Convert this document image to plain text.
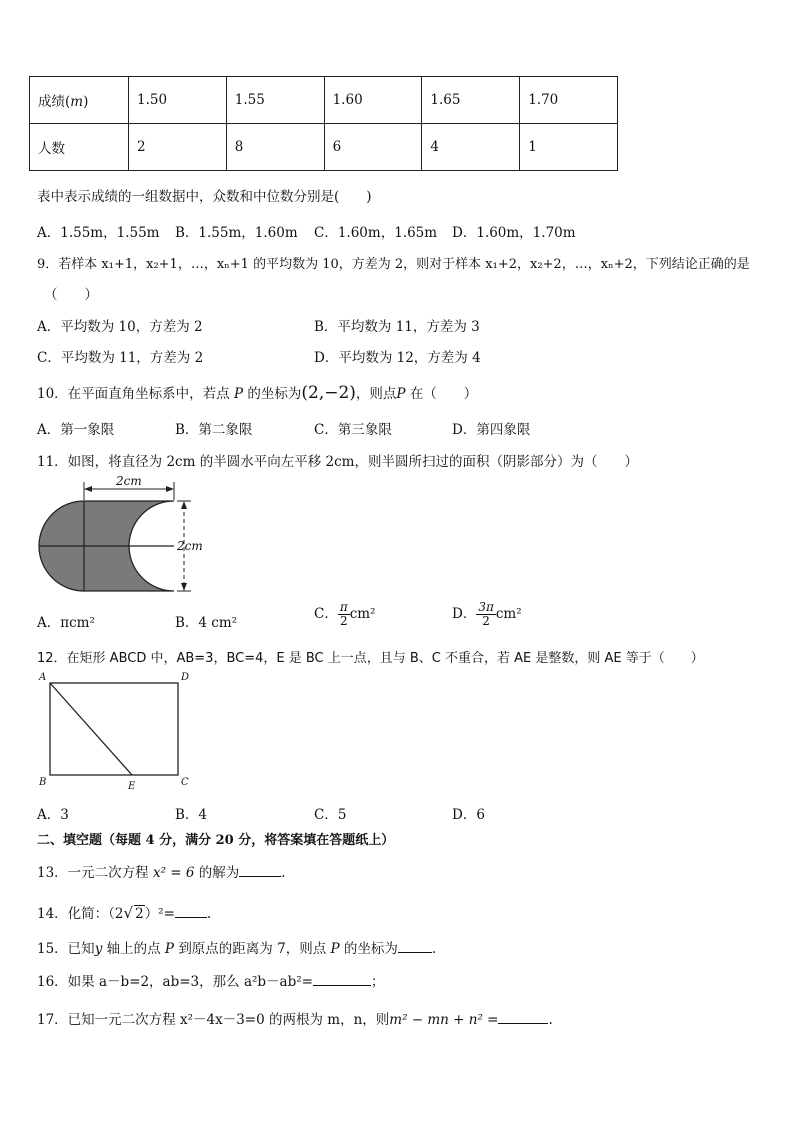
成绩(m)	1.50	1.55	1.60	1.65	1.70
人数	2	8	6	4	1
表中表示成绩的一组数据中，众数和中位数分别是(　　)
A．1.55m，1.55m B．1.55m，1.60m C．1.60m，1.65m D．1.60m，1.70m
9．若样本 x₁+1，x₂+1，…，xₙ+1 的平均数为 10，方差为 2，则对于样本 x₁+2，x₂+2，…，xₙ+2，下列结论正确的是
（　　）
A．平均数为 10，方差为 2	B．平均数为 11，方差为 3
C．平均数为 11，方差为 2	D．平均数为 12，方差为 4
10．在平面直角坐标系中，若点 P 的坐标为(2,−2)，则点P 在（　　）
A．第一象限	B．第二象限	C．第三象限	D．第四象限
11．如图，将直径为 2cm 的半圆水平向左平移 2cm，则半圆所扫过的面积（阴影部分）为（　　）
2cm
2cm
A．πcm²	B．4 cm²
C． $\frac{\pi}{2} cm^2$	D． $\frac{3\pi}{2} cm^2$
12．在矩形 ABCD 中，AB=3，BC=4，E 是 BC 上一点，且与 B、C 不重合，若 AE 是整数，则 AE 等于（　　）
A	D
B	C
E
A．3	B．4	C．5	D．6
二、填空题（每题 4 分，满分 20 分，将答案填在答题纸上）
13．一元二次方程 x² = 6 的解为	.
14．化简：（2√ 2）²= .
15．已知y 轴上的点 P 到原点的距离为 7，则点 P 的坐标为	.
16．如果 a－b=2，ab=3，那么 a²b－ab²=	；
17．已知一元二次方程 x²－4x－3=0 的两根为 m，n，则m² − mn + n² =	.
